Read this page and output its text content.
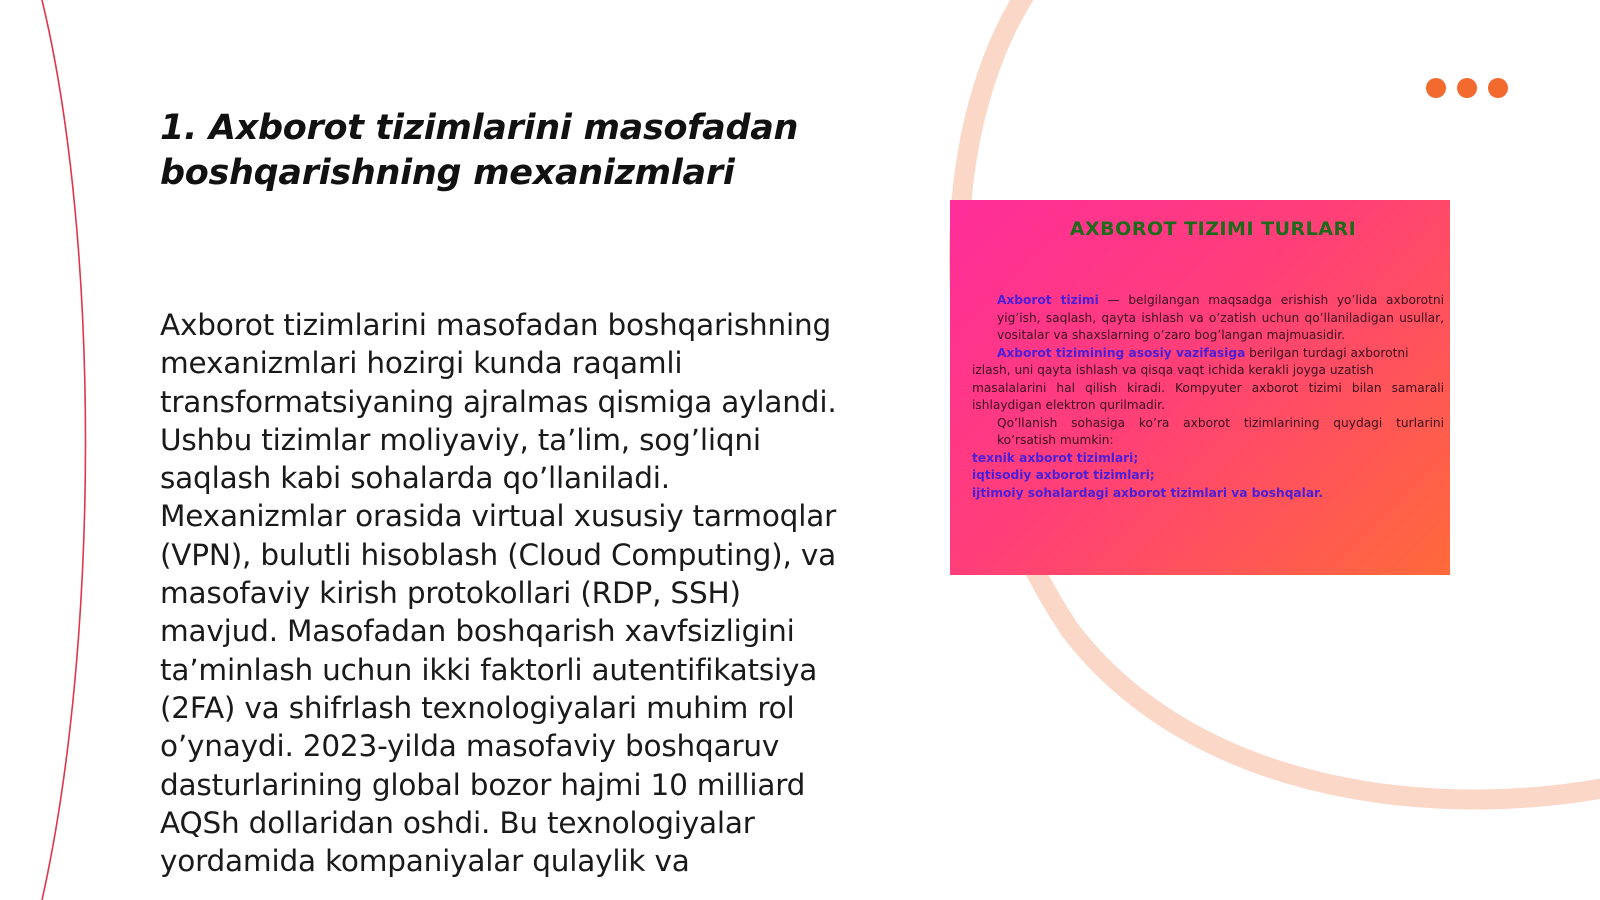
1. Axborot tizimlarini masofadan boshqarishning mexanizmlari

Axborot tizimlarini masofadan boshqarishning mexanizmlari hozirgi kunda raqamli transformatsiyaning ajralmas qismiga aylandi. Ushbu tizimlar moliyaviy, ta’lim, sog’liqni saqlash kabi sohalarda qo’llaniladi. Mexanizmlar orasida virtual xususiy tarmoqlar (VPN), bulutli hisoblash (Cloud Computing), va masofaviy kirish protokollari (RDP, SSH) mavjud. Masofadan boshqarish xavfsizligini ta’minlash uchun ikki faktorli autentifikatsiya (2FA) va shifrlash texnologiyalari muhim rol o’ynaydi. 2023-yilda masofaviy boshqaruv dasturlarining global bozor hajmi 10 milliard AQSh dollaridan oshdi. Bu texnologiyalar yordamida kompaniyalar qulaylik va

AXBOROT TIZIMI TURLARI
Axborot tizimi — belgilangan maqsadga erishish yo’lida axborotni yig’ish, saqlash, qayta ishlash va o’zatish uchun qo’llaniladigan usullar, vositalar va shaxslarning o’zaro bog’langan majmuasidir.
Axborot tizimining asosiy vazifasiga berilgan turdagi axborotni
izlash, uni qayta ishlash va qisqa vaqt ichida kerakli joyga uzatish
masalalarini hal qilish kiradi. Kompyuter axborot tizimi bilan samarali ishlaydigan elektron qurilmadir.
Qo’llanish sohasiga ko’ra axborot tizimlarining quydagi turlarini ko’rsatish mumkin:
texnik axborot tizimlari;
iqtisodiy axborot tizimlari;
ijtimoiy sohalardagi axborot tizimlari va boshqalar.
